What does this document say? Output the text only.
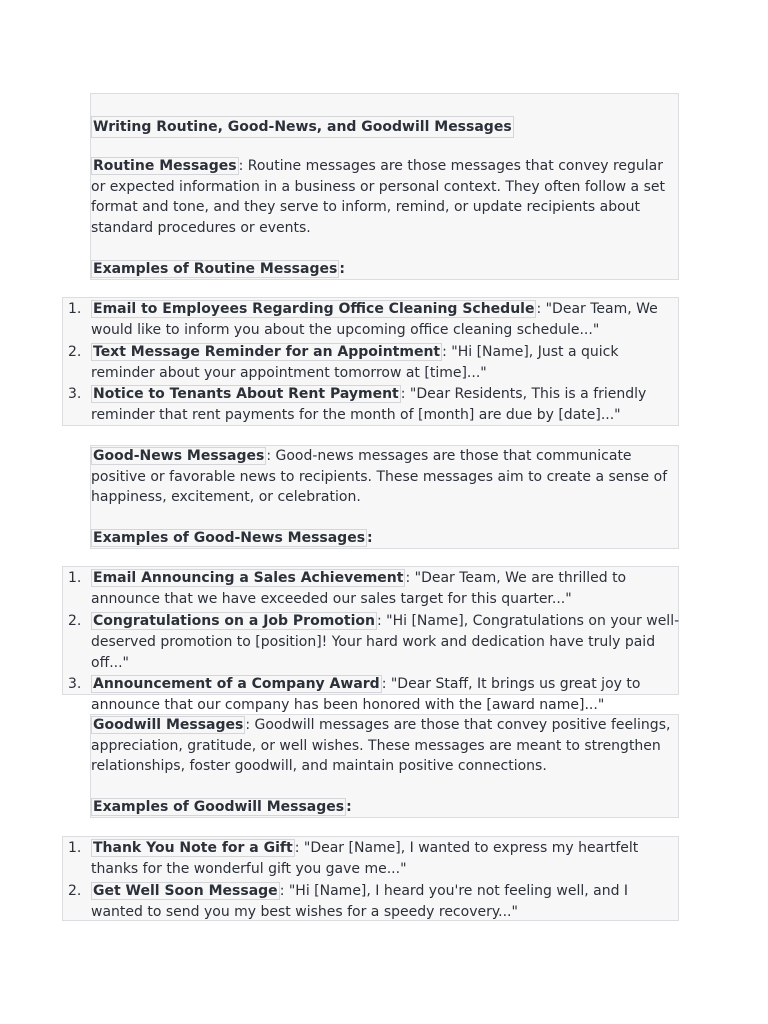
Writing Routine, Good-News, and Goodwill Messages

Routine Messages : Routine messages are those messages that convey regular or expected information in a business or personal context. They often follow a set format and tone, and they serve to inform, remind, or update recipients about standard procedures or events.

Examples of Routine Messages :
1. Email to Employees Regarding Office Cleaning Schedule : "Dear Team, We would like to inform you about the upcoming office cleaning schedule..."
2. Text Message Reminder for an Appointment : "Hi [Name], Just a quick reminder about your appointment tomorrow at [time]..."
3. Notice to Tenants About Rent Payment : "Dear Residents, This is a friendly reminder that rent payments for the month of [month] are due by [date]..."

Good-News Messages : Good-news messages are those that communicate positive or favorable news to recipients. These messages aim to create a sense of happiness, excitement, or celebration.

Examples of Good-News Messages :
1. Email Announcing a Sales Achievement : "Dear Team, We are thrilled to announce that we have exceeded our sales target for this quarter..."
2. Congratulations on a Job Promotion : "Hi [Name], Congratulations on your well-deserved promotion to [position]! Your hard work and dedication have truly paid off..."
3. Announcement of a Company Award : "Dear Staff, It brings us great joy to announce that our company has been honored with the [award name]..."

Goodwill Messages : Goodwill messages are those that convey positive feelings, appreciation, gratitude, or well wishes. These messages are meant to strengthen relationships, foster goodwill, and maintain positive connections.

Examples of Goodwill Messages :
1. Thank You Note for a Gift : "Dear [Name], I wanted to express my heartfelt thanks for the wonderful gift you gave me..."
2. Get Well Soon Message : "Hi [Name], I heard you're not feeling well, and I wanted to send you my best wishes for a speedy recovery..."
